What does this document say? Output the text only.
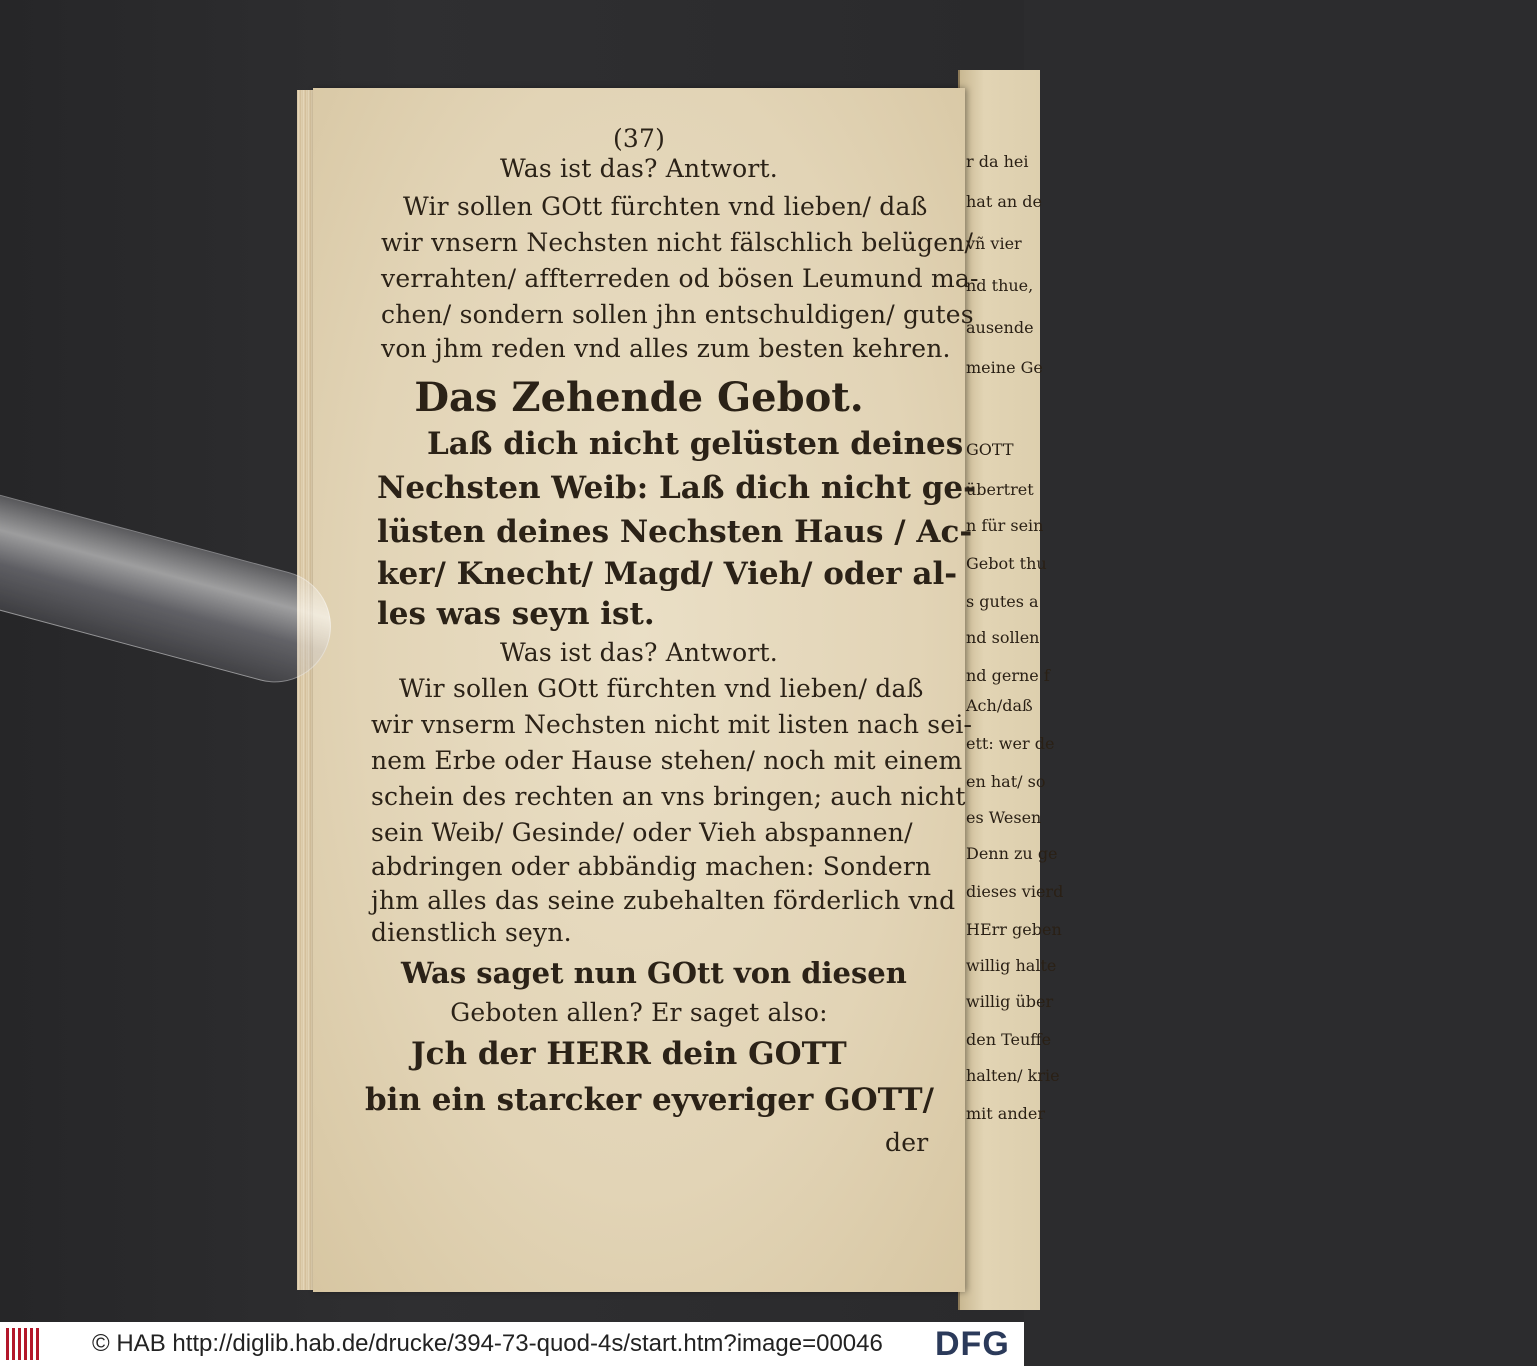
r da hei
hat an de
vñ vier
nd thue,
ausende
meine Ge
GOTT
übertret
n für sein
Gebot thu
s gutes a
nd sollen
nd gerne f
Ach/daß
ett: wer de
en hat/ so
es Wesen
Denn zu ge
dieses vierd
HErr geben
willig halte
willig über
den Teuffe
halten/ krie
mit ander
(37)
Was ist das? Antwort.
Wir sollen GOtt fürchten vnd lieben/ daß
wir vnsern Nechsten nicht fälschlich belügen/
verrahten/ affterreden od bösen Leumund ma-
chen/ sondern sollen jhn entschuldigen/ gutes
von jhm reden vnd alles zum besten kehren.
Das Zehende Gebot.
Laß dich nicht gelüsten deines
Nechsten Weib: Laß dich nicht ge-
lüsten deines Nechsten Haus / Ac-
ker/ Knecht/ Magd/ Vieh/ oder al-
les was seyn ist.
Was ist das? Antwort.
Wir sollen GOtt fürchten vnd lieben/ daß
wir vnserm Nechsten nicht mit listen nach sei-
nem Erbe oder Hause stehen/ noch mit einem
schein des rechten an vns bringen; auch nicht
sein Weib/ Gesinde/ oder Vieh abspannen/
abdringen oder abbändig machen: Sondern
jhm alles das seine zubehalten förderlich vnd
dienstlich seyn.
Was saget nun GOtt von diesen
Geboten allen? Er saget also:
Jch der HERR dein GOTT
bin ein starcker eyveriger GOTT/
der
© HAB http://diglib.hab.de/drucke/394-73-quod-4s/start.htm?image=00046 DFG
